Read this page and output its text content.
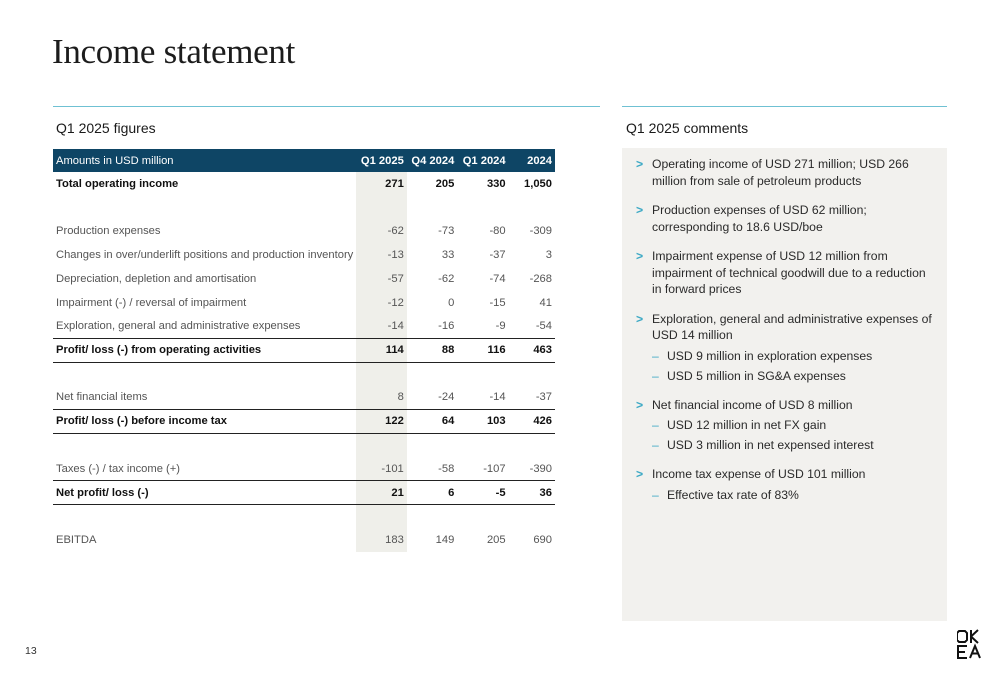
Income statement
Q1 2025 figures	Q1 2025 comments
Amounts in USD million	Q1 2025	Q4 2024	Q1 2024	2024
Total operating income	271	205	330	1,050

Production expenses	-62	-73	-80	-309
Changes in over/underlift positions and production inventory	-13	33	-37	3
Depreciation, depletion and amortisation	-57	-62	-74	-268
Impairment (-) / reversal of impairment	-12	0	-15	41
Exploration, general and administrative expenses	-14	-16	-9	-54
Profit/ loss (-) from operating activities	114	88	116	463

Net financial items	8	-24	-14	-37
Profit/ loss (-) before income tax	122	64	103	426

Taxes (-) / tax income (+)	-101	-58	-107	-390
Net profit/ loss (-)	21	6	-5	36

EBITDA	183	149	205	690
> Operating income of USD 271 million; USD 266 million from sale of petroleum products
> Production expenses of USD 62 million; corresponding to 18.6 USD/boe
> Impairment expense of USD 12 million from impairment of technical goodwill due to a reduction in forward prices
> Exploration, general and administrative expenses of USD 14 million
– USD 9 million in exploration expenses
– USD 5 million in SG&A expenses
> Net financial income of USD 8 million
– USD 12 million in net FX gain
– USD 3 million in net expensed interest
> Income tax expense of USD 101 million
– Effective tax rate of 83%
13
